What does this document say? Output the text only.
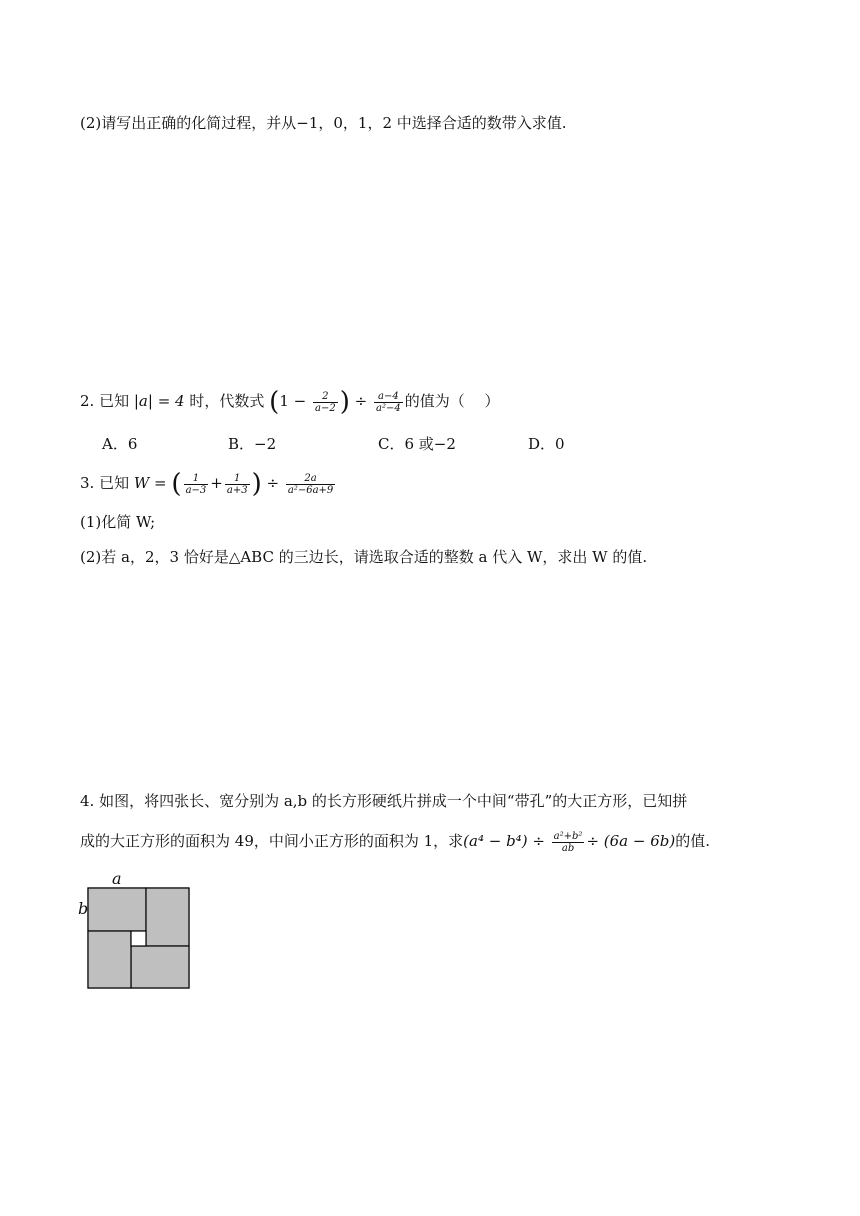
(2)请写出正确的化简过程，并从−1，0，1，2 中选择合适的数带入求值.
2. 已知 |a| = 4 时，代数式 ($1 - \frac{2}{a-2}$ ) ÷ $\frac{a-4}{\text{a²−4}}$ 的值为（　 ）
A．6	B．−2	C．6 或−2	D．0
3. 已知 W = ( $\frac{1}{a-3} + \frac{1}{a+3}$ ) ÷ $\frac{2a}{\text{a²−6a+9}}$
(1)化简 W;
(2)若 a，2，3 恰好是△ABC 的三边长，请选取合适的整数 a 代入 W，求出 W 的值.
4. 如图，将四张长、宽分别为 a,b 的长方形硬纸片拼成一个中间“带孔”的大正方形，已知拼
成的大正方形的面积为 49，中间小正方形的面积为 1，求$(a^4 - b^4) \div \frac{\text{a²+b²}}{ab} \div (6a - 6b)$的值.
a
b
